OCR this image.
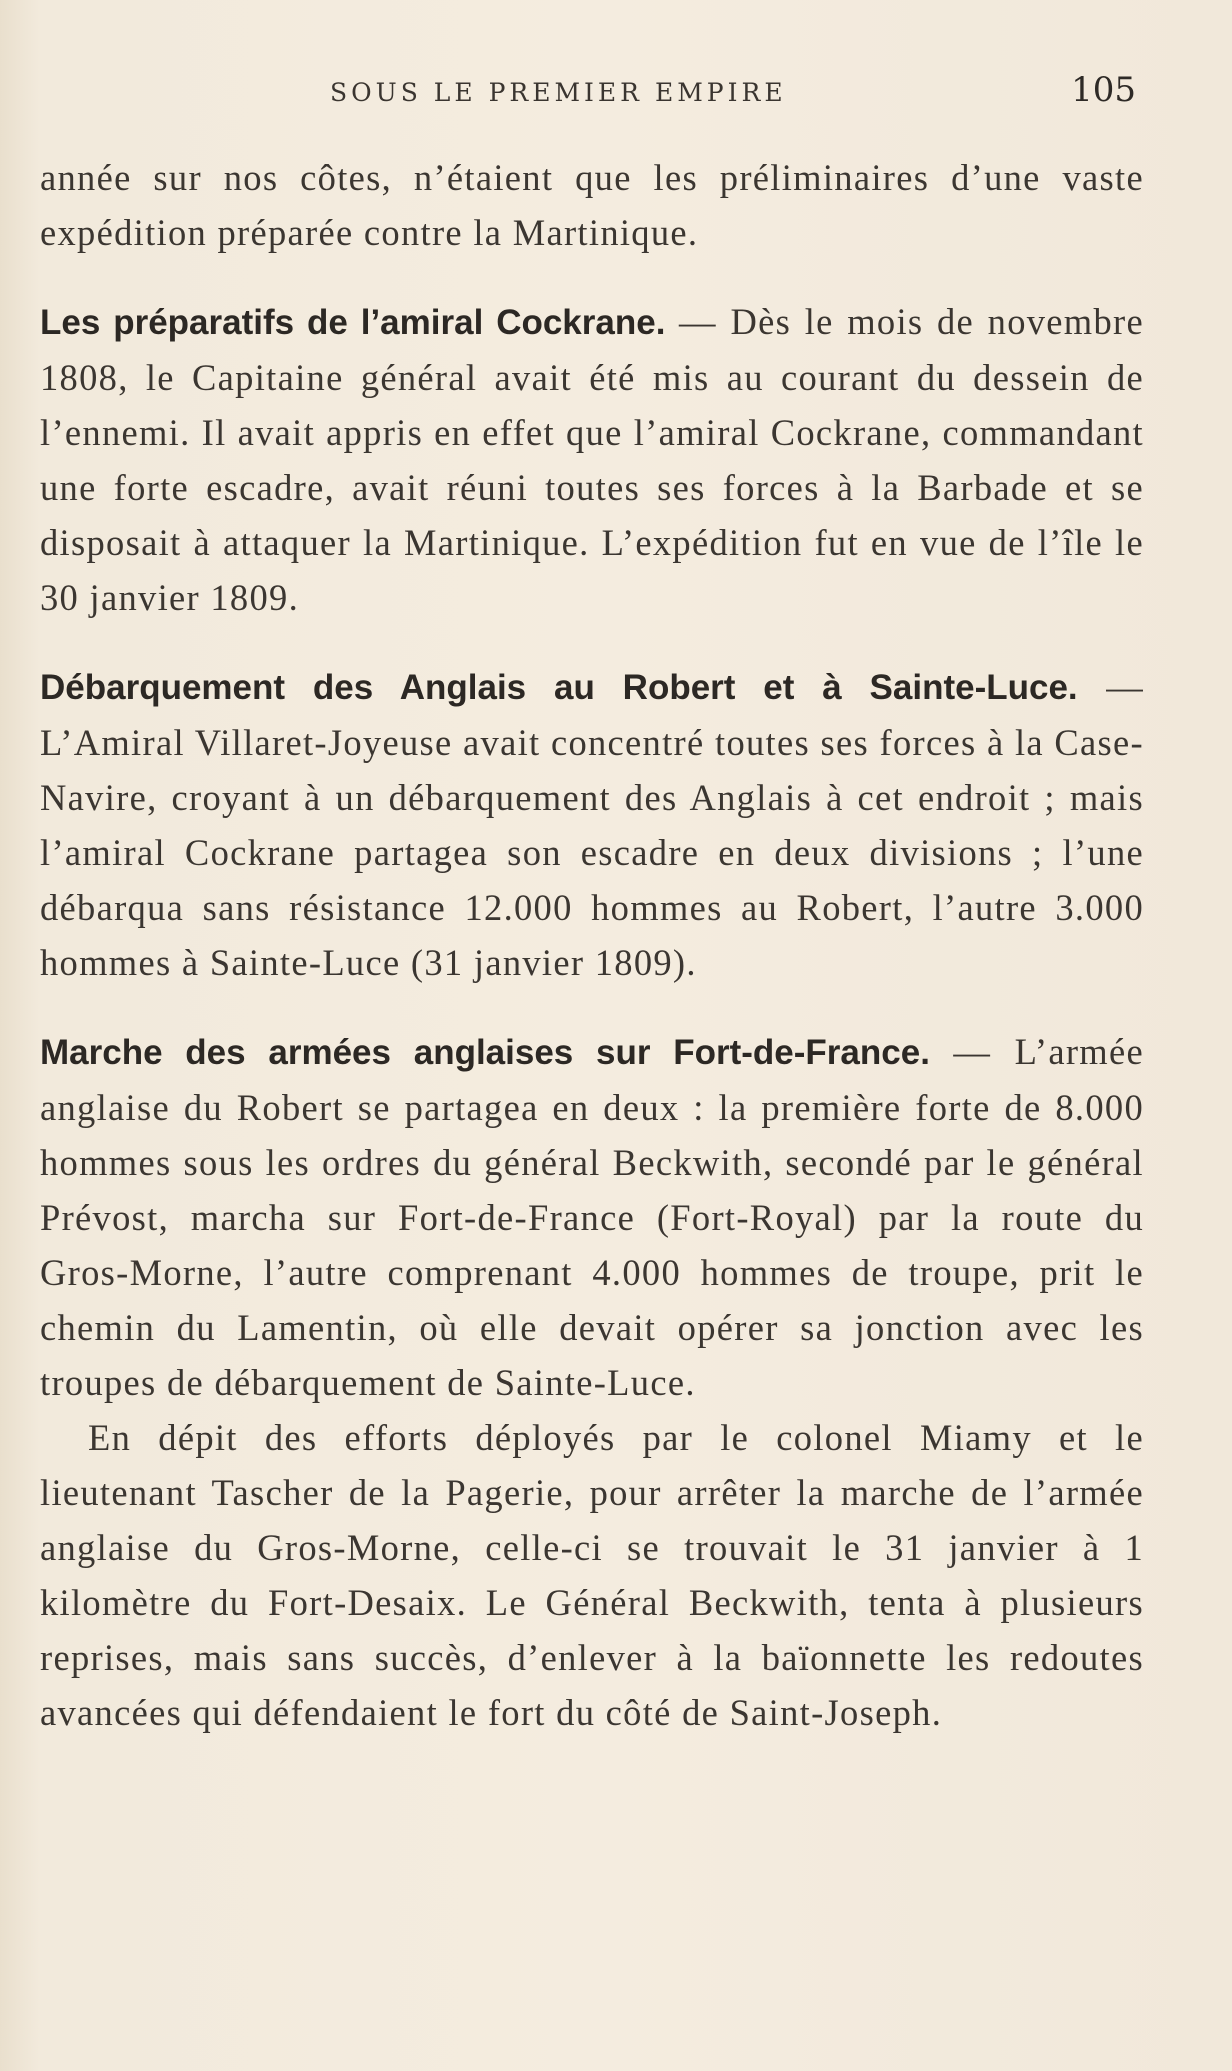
SOUS LE PREMIER EMPIRE	105

année sur nos côtes, n’étaient que les préliminaires d’une vaste expédition préparée contre la Martinique.

Les préparatifs de l’amiral Cockrane. — Dès le mois de novembre 1808, le Capitaine général avait été mis au courant du dessein de l’ennemi. Il avait appris en effet que l’amiral Cockrane, commandant une forte escadre, avait réuni toutes ses forces à la Barbade et se disposait à attaquer la Martinique. L’expédition fut en vue de l’île le 30 janvier 1809.

Débarquement des Anglais au Robert et à Sainte-Luce. — L’Amiral Villaret-Joyeuse avait concentré toutes ses forces à la Case-Navire, croyant à un débarquement des Anglais à cet endroit ; mais l’amiral Cockrane partagea son escadre en deux divisions ; l’une débarqua sans résistance 12.000 hommes au Robert, l’autre 3.000 hommes à Sainte-Luce (31 janvier 1809).

Marche des armées anglaises sur Fort-de-France. — L’armée anglaise du Robert se partagea en deux : la première forte de 8.000 hommes sous les ordres du général Beckwith, secondé par le général Prévost, marcha sur Fort-de-France (Fort-Royal) par la route du Gros-Morne, l’autre comprenant 4.000 hommes de troupe, prit le chemin du Lamentin, où elle devait opérer sa jonction avec les troupes de débarquement de Sainte-Luce.

En dépit des efforts déployés par le colonel Miamy et le lieutenant Tascher de la Pagerie, pour arrêter la marche de l’armée anglaise du Gros-Morne, celle-ci se trouvait le 31 janvier à 1 kilomètre du Fort-Desaix. Le Général Beckwith, tenta à plusieurs reprises, mais sans succès, d’enlever à la baïonnette les redoutes avancées qui défendaient le fort du côté de Saint-Joseph.
